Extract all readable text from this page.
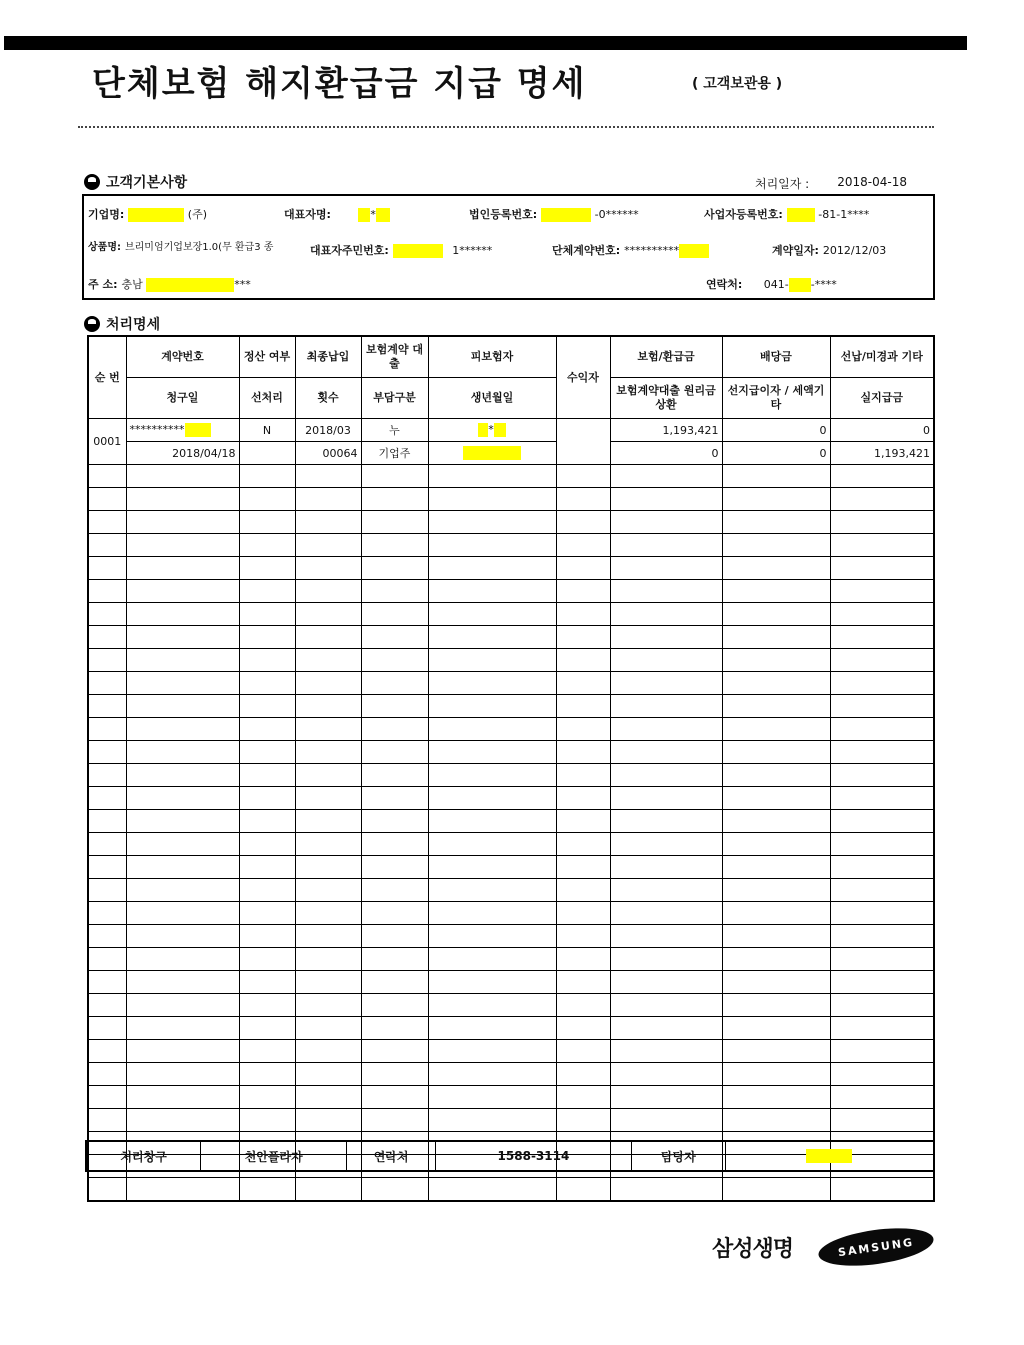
단체보험 해지환급금 지급 명세	( 고객보관용 )
고객기본사항	처리일자 : 2018-04-18
기업명:	(주)	대표자명:	*	법인등록번호:	-0******	사업자등록번호:	-81-1****
상품명: 브리미엄기업보장1.0(무 환급3 종	대표자주민번호:	1******	단체계약번호: **********	계약일자: 2012/12/03
주 소: 충남	***	연락처: 041- -****
처리명세
순 번	계약번호	정산 여부	최종납입	보험계약 대출	피보험자	수익자	보험/환급금	배당금	선납/미경과 기타
	청구일	선처리	횟수	부담구분	생년월일		보험계약대출 원리금상환	선지급이자 / 세액기타	실지급금
0001	**********	N	2018/03	누	*		1,193,421	0	0
	2018/04/18		00064	기업주			0	0	1,193,421

처리창구	천안플라자	연락처	1588-3114	담당자	
삼성생명	SAMSUNG
